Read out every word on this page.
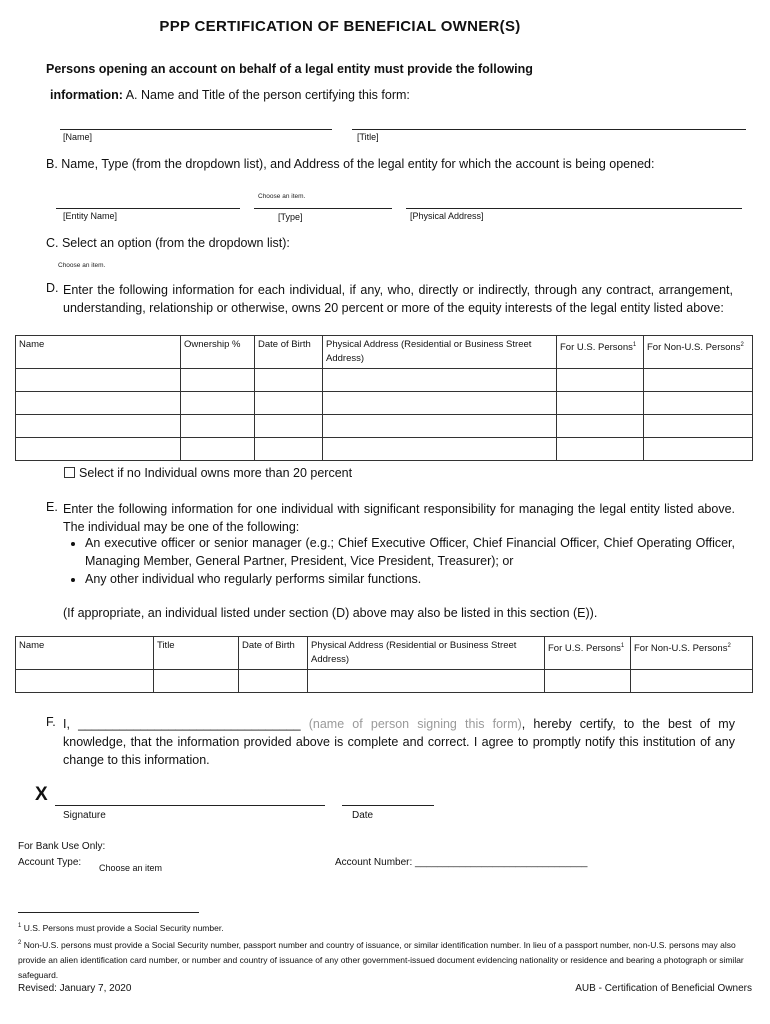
PPP CERTIFICATION OF BENEFICIAL OWNER(S)
Persons opening an account on behalf of a legal entity must provide the following
information: A. Name and Title of the person certifying this form:
[Name]	[Title]
B. Name, Type (from the dropdown list), and Address of the legal entity for which the account is being opened:
Choose an item.
[Entity Name]	[Type]	[Physical Address]
C. Select an option (from the dropdown list):
Choose an item.
D. Enter the following information for each individual, if any, who, directly or indirectly, through any contract, arrangement, understanding, relationship or otherwise, owns 20 percent or more of the equity interests of the legal entity listed above:
Name	Ownership %	Date of Birth	Physical Address (Residential or Business Street Address)	For U.S. Persons$^1$	For Non-U.S. Persons$^2$

Select if no Individual owns more than 20 percent
E. Enter the following information for one individual with significant responsibility for managing the legal entity listed above. The individual may be one of the following:
• An executive officer or senior manager (e.g.; Chief Executive Officer, Chief Financial Officer, Chief Operating Officer, Managing Member, General Partner, President, Vice President, Treasurer); or
• Any other individual who regularly performs similar functions.
(If appropriate, an individual listed under section (D) above may also be listed in this section (E)).
Name	Title	Date of Birth	Physical Address (Residential or Business Street Address)	For U.S. Persons$^1$	For Non-U.S. Persons$^2$

F. I, ________________________________ (name of person signing this form), hereby certify, to the best of my knowledge, that the information provided above is complete and correct. I agree to promptly notify this institution of any change to this information.
X
Signature	Date
For Bank Use Only:
Account Type: Choose an item	Account Number: _______________________________
$^1$ U.S. Persons must provide a Social Security number.
$^2$ Non-U.S. persons must provide a Social Security number, passport number and country of issuance, or similar identification number. In lieu of a passport number, non-U.S. persons may also provide an alien identification card number, or number and country of issuance of any other government-issued document evidencing nationality or residence and bearing a photograph or similar safeguard.
Revised: January 7, 2020	AUB - Certification of Beneficial Owners
